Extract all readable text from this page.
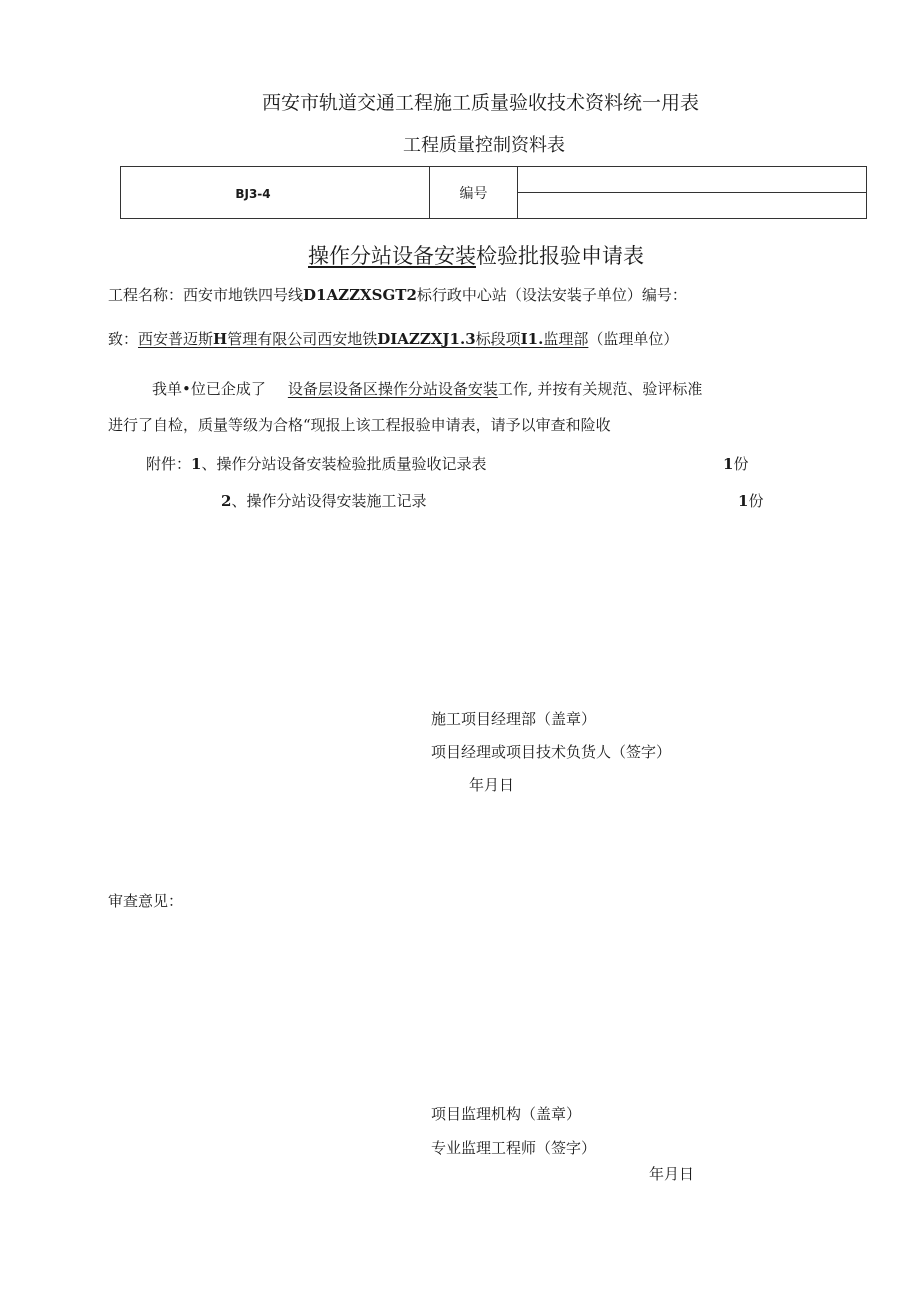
西安市轨道交通工程施工质量验收技术资料统一用表
工程质量控制资料表
BJ3-4	编号	

操作分站设备安装检验批报验申请表
工程名称：西安市地铁四号线D1AZZXSGT2标行政中心站（设法安装子单位）编号：
致：西安普迈斯H管理有限公司西安地铁DIAZZXJ1.3标段项I1.监理部（监理单位）
我单•位已企成了 设备层设备区操作分站设备安装工作, 并按有关规范、验评标准
进行了自检，质量等级为合格“现报上该工程报验申请表，请予以审查和险收
附件：1、操作分站设备安装检验批质量验收记录表	1份
2、操作分站设得安装施工记录	1份
施工项目经理部（盖章）
项目经理或项目技术负货人（签字）
年月日
审查意见：
项目监理机构（盖章）
专业监理工程师（签字）
年月日
